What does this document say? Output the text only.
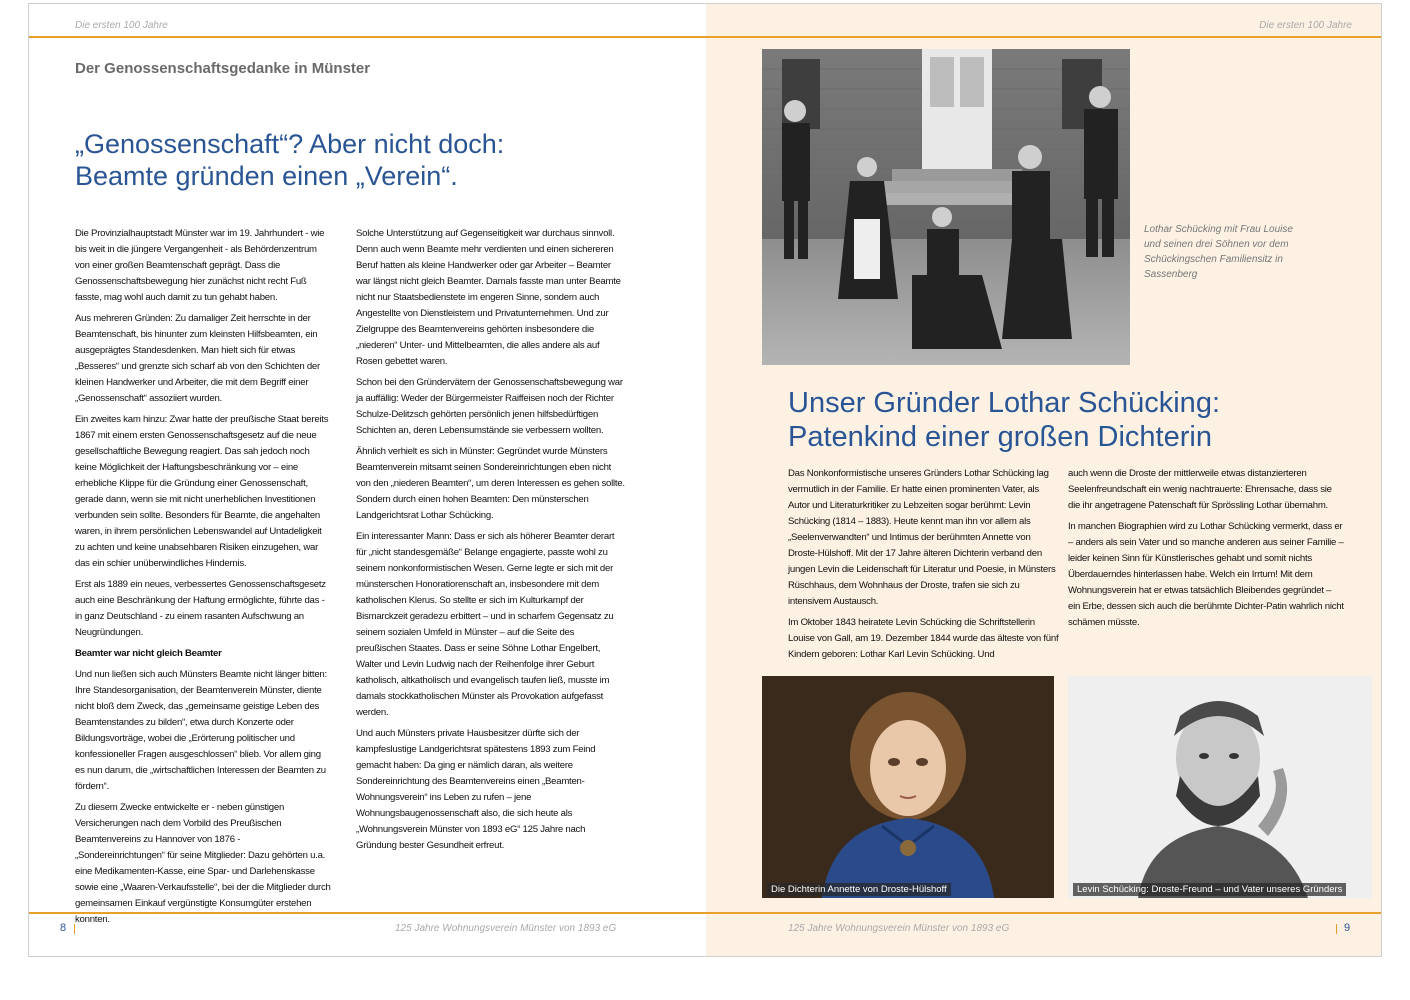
Die ersten 100 Jahre
Der Genossenschaftsgedanke in Münster
„Genossenschaft“? Aber nicht doch:
Beamte gründen einen „Verein“.

Die Provinzialhauptstadt Münster war im 19. Jahrhundert - wie bis weit in die jüngere Vergangenheit - als Behördenzentrum von einer großen Beamtenschaft geprägt. Dass die Genossenschaftsbewegung hier zunächst nicht recht Fuß fasste, mag wohl auch damit zu tun gehabt haben.

Aus mehreren Gründen: Zu damaliger Zeit herrschte in der Beamtenschaft, bis hinunter zum kleinsten Hilfsbeamten, ein ausgeprägtes Standesdenken. Man hielt sich für etwas „Besseres“ und grenzte sich scharf ab von den Schichten der kleinen Handwerker und Arbeiter, die mit dem Begriff einer „Genossenschaft“ assoziiert wurden.

Ein zweites kam hinzu: Zwar hatte der preußische Staat bereits 1867 mit einem ersten Genossenschaftsgesetz auf die neue gesellschaftliche Bewegung reagiert. Das sah jedoch noch keine Möglichkeit der Haftungsbeschränkung vor – eine erhebliche Klippe für die Gründung einer Genossenschaft, gerade dann, wenn sie mit nicht unerheblichen Investitionen verbunden sein sollte. Besonders für Beamte, die angehalten waren, in ihrem persönlichen Lebenswandel auf Untadeligkeit zu achten und keine unabsehbaren Risiken einzugehen, war das ein schier unüberwindliches Hindernis.

Erst als 1889 ein neues, verbessertes Genossenschaftsgesetz auch eine Beschränkung der Haftung ermöglichte, führte das - in ganz Deutschland - zu einem rasanten Aufschwung an Neugründungen.

Beamter war nicht gleich Beamter

Und nun ließen sich auch Münsters Beamte nicht länger bitten: Ihre Standesorganisation, der Beamtenverein Münster, diente nicht bloß dem Zweck, das „gemeinsame geistige Leben des Beamtenstandes zu bilden“, etwa durch Konzerte oder Bildungsvorträge, wobei die „Erörterung politischer und konfessioneller Fragen ausgeschlossen“ blieb. Vor allem ging es nun darum, die „wirtschaftlichen Interessen der Beamten zu fördern“.

Zu diesem Zwecke entwickelte er - neben günstigen Versicherungen nach dem Vorbild des Preußischen Beamtenvereins zu Hannover von 1876 - „Sondereinrichtungen“ für seine Mitglieder: Dazu gehörten u.a. eine Medikamenten-Kasse, eine Spar- und Darlehenskasse sowie eine „Waaren-Verkaufsstelle“, bei der die Mitglieder durch gemeinsamen Einkauf vergünstigte Konsumgüter erstehen konnten.

Solche Unterstützung auf Gegenseitigkeit war durchaus sinnvoll. Denn auch wenn Beamte mehr verdienten und einen sichereren Beruf hatten als kleine Handwerker oder gar Arbeiter – Beamter war längst nicht gleich Beamter. Damals fasste man unter Beamte nicht nur Staatsbedienstete im engeren Sinne, sondern auch Angestellte von Dienstleistern und Privatunternehmen. Und zur Zielgruppe des Beamtenvereins gehörten insbesondere die „niederen“ Unter- und Mittelbeamten, die alles andere als auf Rosen gebettet waren.

Schon bei den Gründervätern der Genossenschaftsbewegung war ja auffällig: Weder der Bürgermeister Raiffeisen noch der Richter Schulze-Delitzsch gehörten persönlich jenen hilfsbedürftigen Schichten an, deren Lebensumstände sie verbessern wollten.

Ähnlich verhielt es sich in Münster: Gegründet wurde Münsters Beamtenverein mitsamt seinen Sondereinrichtungen eben nicht von den „niederen Beamten“, um deren Interessen es gehen sollte. Sondern durch einen hohen Beamten: Den münsterschen Landgerichtsrat Lothar Schücking.

Ein interessanter Mann: Dass er sich als höherer Beamter derart für „nicht standesgemäße“ Belange engagierte, passte wohl zu seinem nonkonformistischen Wesen. Gerne legte er sich mit der münsterschen Honoratiorenschaft an, insbesondere mit dem katholischen Klerus. So stellte er sich im Kulturkampf der Bismarckzeit geradezu erbittert – und in scharfem Gegensatz zu seinem sozialen Umfeld in Münster – auf die Seite des preußischen Staates. Dass er seine Söhne Lothar Engelbert, Walter und Levin Ludwig nach der Reihenfolge ihrer Geburt katholisch, altkatholisch und evangelisch taufen ließ, musste im damals stockkatholischen Münster als Provokation aufgefasst werden.

Und auch Münsters private Hausbesitzer dürfte sich der kampfeslustige Landgerichtsrat spätestens 1893 zum Feind gemacht haben: Da ging er nämlich daran, als weitere Sondereinrichtung des Beamtenvereins einen „Beamten-Wohnungsverein“ ins Leben zu rufen – jene Wohnungsbaugenossenschaft also, die sich heute als „Wohnungsverein Münster von 1893 eG“ 125 Jahre nach Gründung bester Gesundheit erfreut.

8	125 Jahre Wohnungsverein Münster von 1893 eG
Die ersten 100 Jahre
Lothar Schücking mit Frau Louise und seinen drei Söhnen vor dem Schückingschen Familiensitz in Sassenberg
Unser Gründer Lothar Schücking:
Patenkind einer großen Dichterin

Das Nonkonformistische unseres Gründers Lothar Schücking lag vermutlich in der Familie. Er hatte einen prominenten Vater, als Autor und Literaturkritiker zu Lebzeiten sogar berühmt: Levin Schücking (1814 – 1883). Heute kennt man ihn vor allem als „Seelenverwandten“ und Intimus der berühmten Annette von Droste-Hülshoff. Mit der 17 Jahre älteren Dichterin verband den jungen Levin die Leidenschaft für Literatur und Poesie, in Münsters Rüschhaus, dem Wohnhaus der Droste, trafen sie sich zu intensivem Austausch.

Im Oktober 1843 heiratete Levin Schücking die Schriftstellerin Louise von Gall, am 19. Dezember 1844 wurde das älteste von fünf Kindern geboren: Lothar Karl Levin Schücking. Und

auch wenn die Droste der mittlerweile etwas distanzierteren Seelenfreundschaft ein wenig nachtrauerte: Ehrensache, dass sie die ihr angetragene Patenschaft für Sprössling Lothar übernahm.

In manchen Biographien wird zu Lothar Schücking vermerkt, dass er – anders als sein Vater und so manche anderen aus seiner Familie – leider keinen Sinn für Künstlerisches gehabt und somit nichts Überdauerndes hinterlassen habe. Welch ein Irrtum! Mit dem Wohnungsverein hat er etwas tatsächlich Bleibendes gegründet – ein Erbe, dessen sich auch die berühmte Dichter-Patin wahrlich nicht schämen müsste.

Die Dichterin Annette von Droste-Hülshoff	Levin Schücking: Droste-Freund – und Vater unseres Gründers
125 Jahre Wohnungsverein Münster von 1893 eG	9
